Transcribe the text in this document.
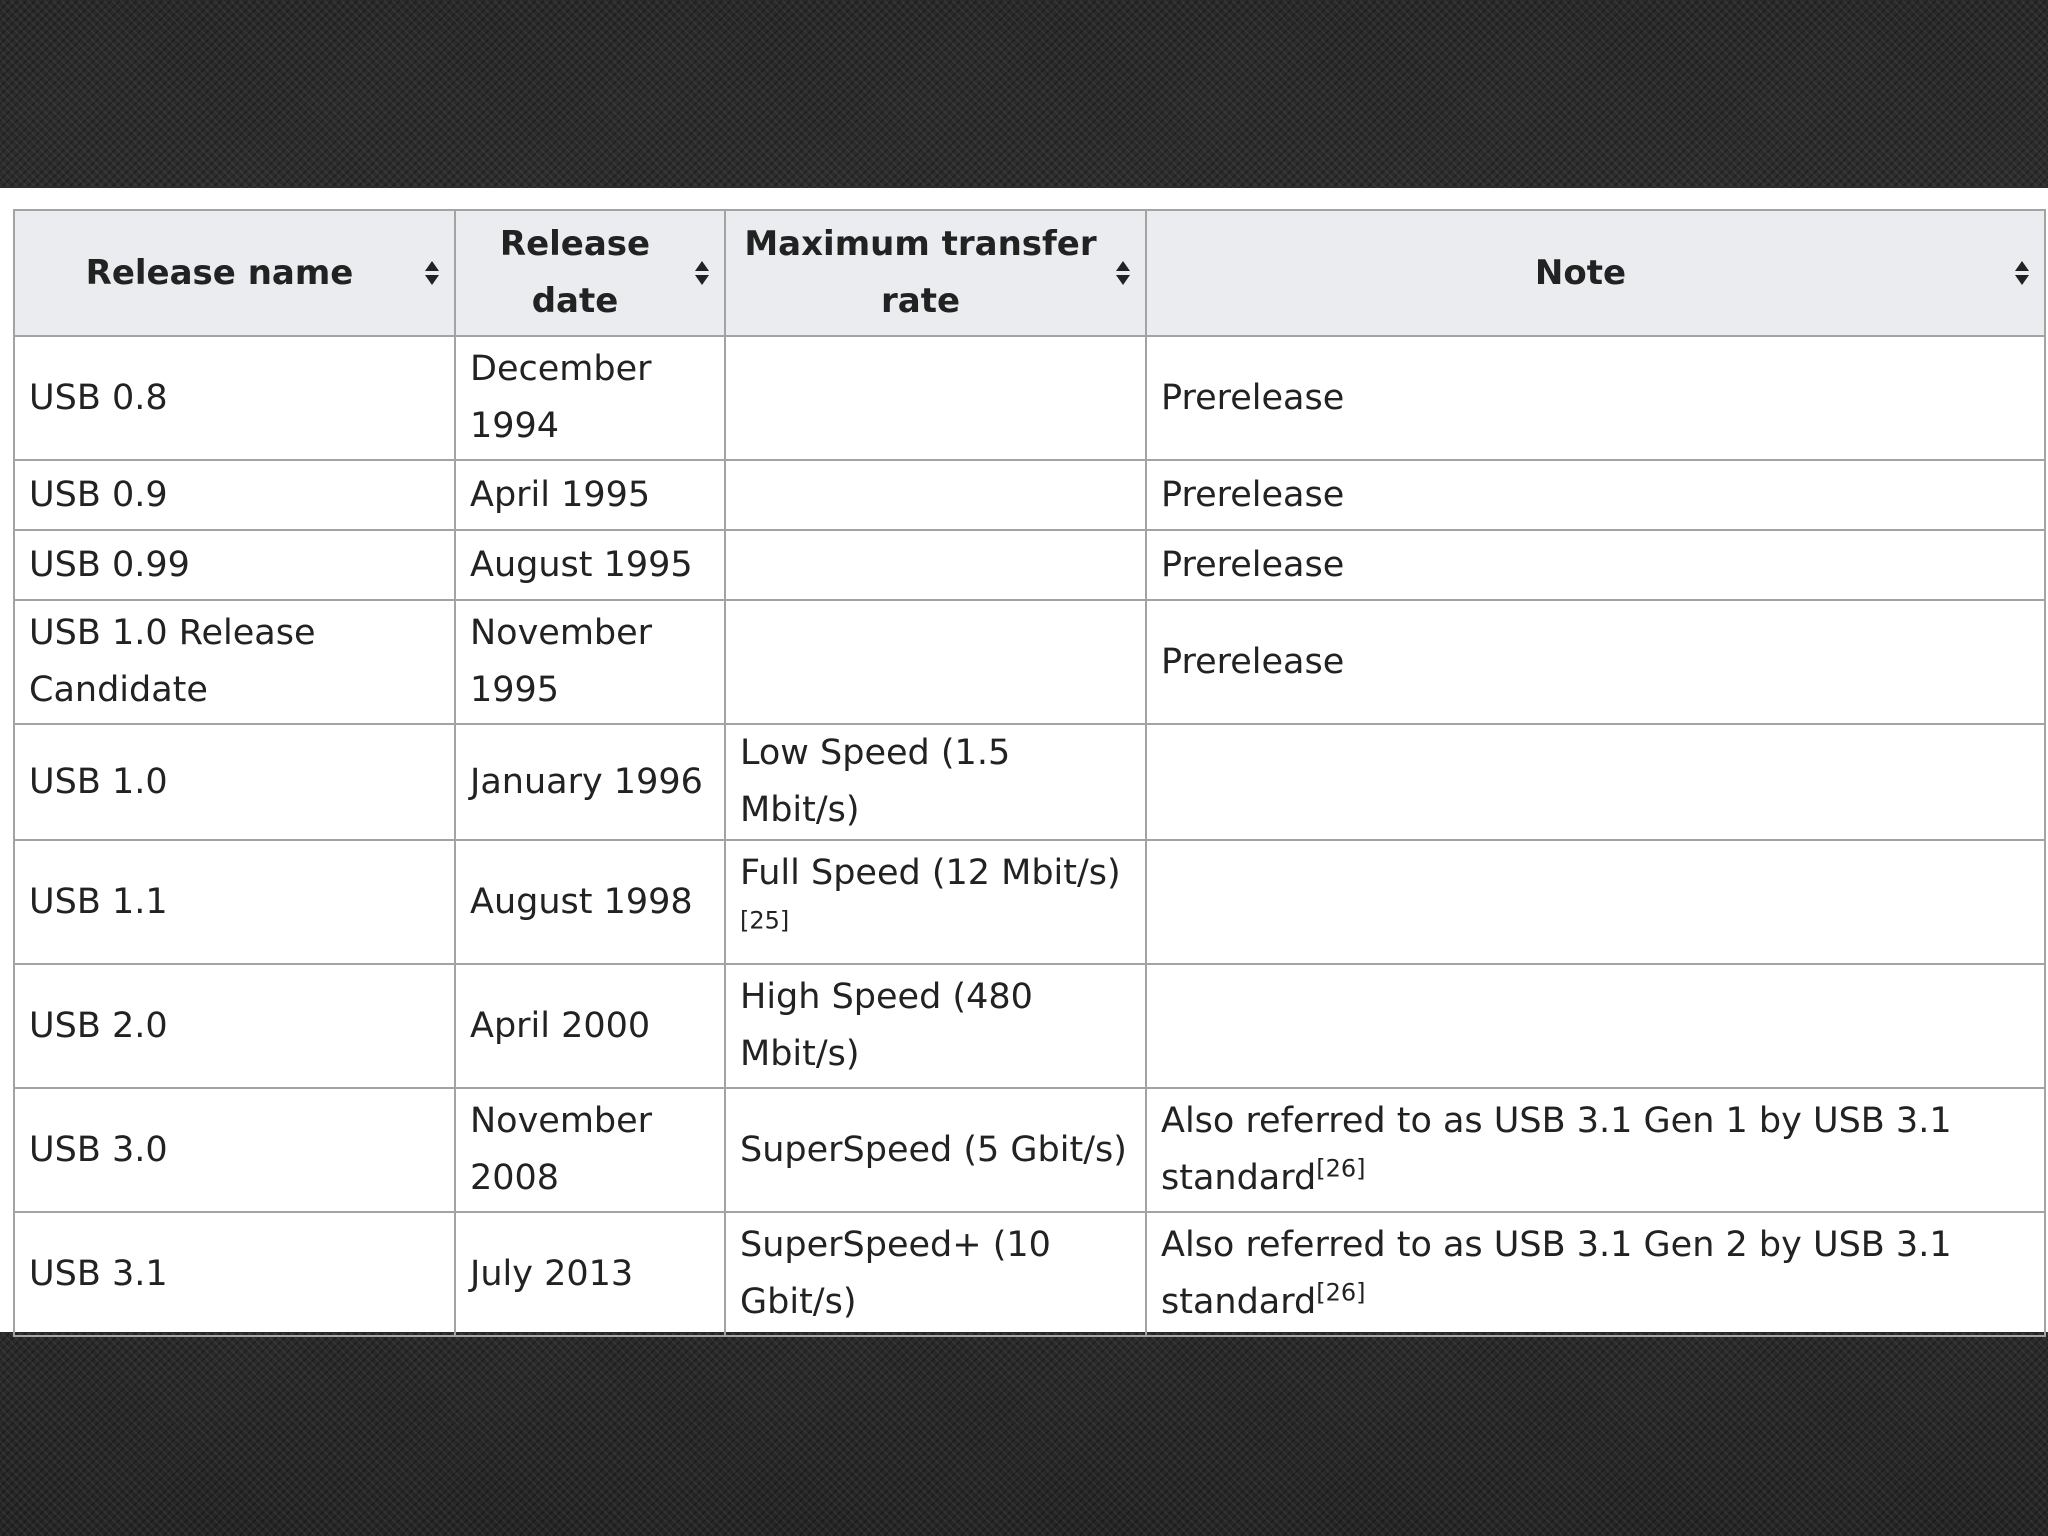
Release name	Release date	Maximum transfer rate	Note

USB 0.8	December 1994		Prerelease
USB 0.9	April 1995		Prerelease
USB 0.99	August 1995		Prerelease
USB 1.0 Release Candidate	November 1995		Prerelease
USB 1.0	January 1996	Low Speed (1.5 Mbit/s)	
USB 1.1	August 1998	Full Speed (12 Mbit/s)[25]	
USB 2.0	April 2000	High Speed (480 Mbit/s)	
USB 3.0	November 2008	SuperSpeed (5 Gbit/s)	Also referred to as USB 3.1 Gen 1 by USB 3.1 standard[26]
USB 3.1	July 2013	SuperSpeed+ (10 Gbit/s)	Also referred to as USB 3.1 Gen 2 by USB 3.1 standard[26]
